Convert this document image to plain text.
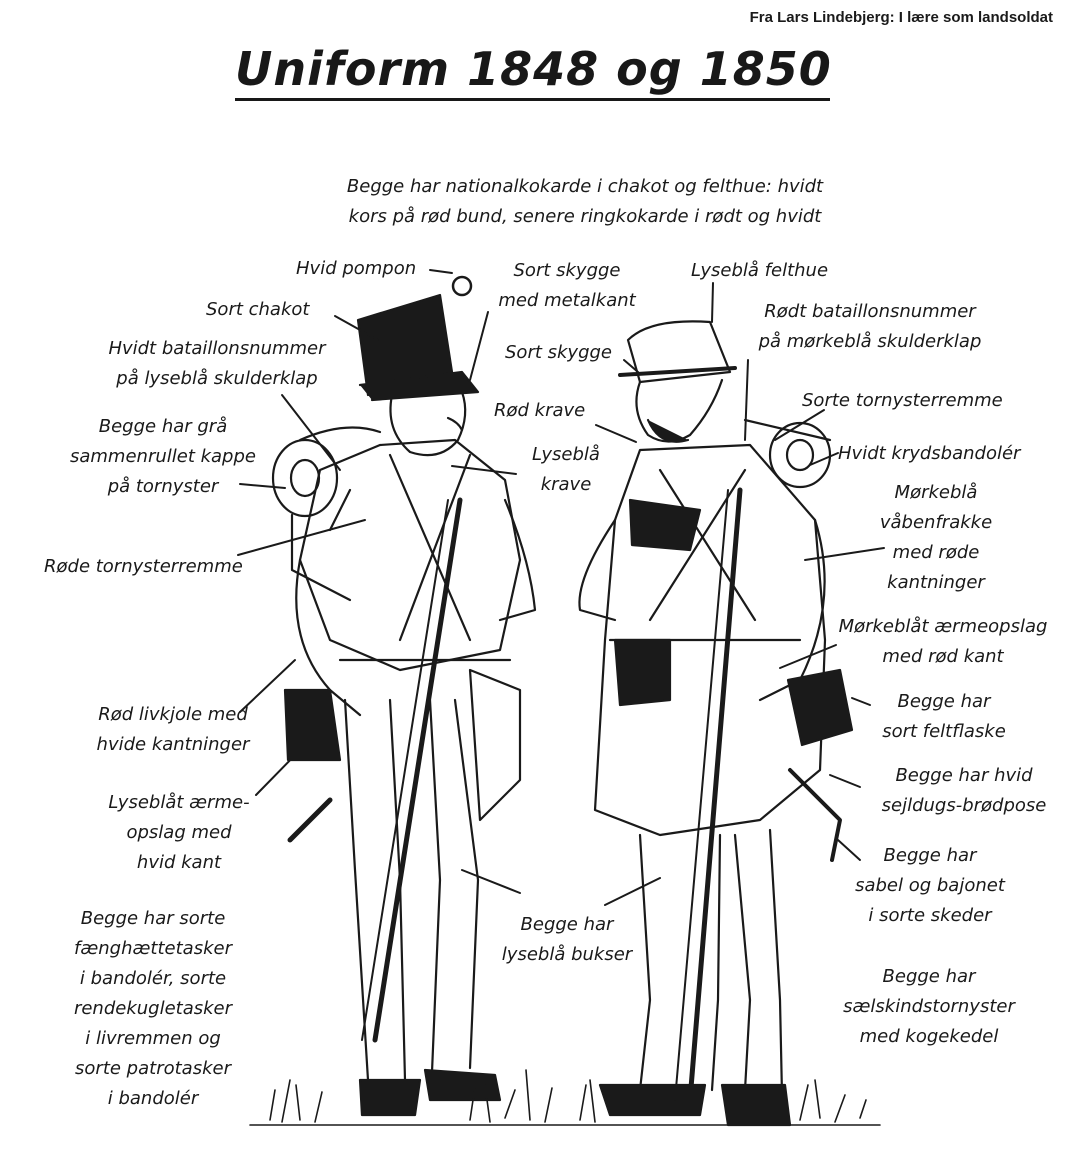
Fra Lars Lindebjerg: I lære som landsoldat
Uniform 1848 og 1850
Begge har nationalkokarde i chakot og felthue: hvidt
kors på rød bund, senere ringkokarde i rødt og hvidt
Hvid pompon	Sort skygge
med metalkant
Lyseblå felthue
Sort chakot	Rødt bataillonsnummer
på mørkeblå skulderklap
Hvidt bataillonsnummer
på lyseblå skulderklap
Sort skygge
Sorte tornysterremme
Begge har grå
sammenrullet kappe
på tornyster
Rød krave
Hvidt krydsbandolér
Lyseblå
krave	Mørkeblå
våbenfrakke
med røde
kantninger
Røde tornysterremme
Mørkeblåt ærmeopslag
med rød kant
Rød livkjole med
hvide kantninger
Begge har
sort feltflaske
Lyseblåt ærme-
opslag med
hvid kant
Begge har hvid
sejldugs-brødpose
Begge har
sabel og bajonet
i sorte skeder
Begge har sorte
fænghættetasker
i bandolér, sorte
rendekugletasker
i livremmen og
sorte patrotasker
i bandolér
Begge har
lyseblå bukser
Begge har
sælskindstornyster
med kogekedel
